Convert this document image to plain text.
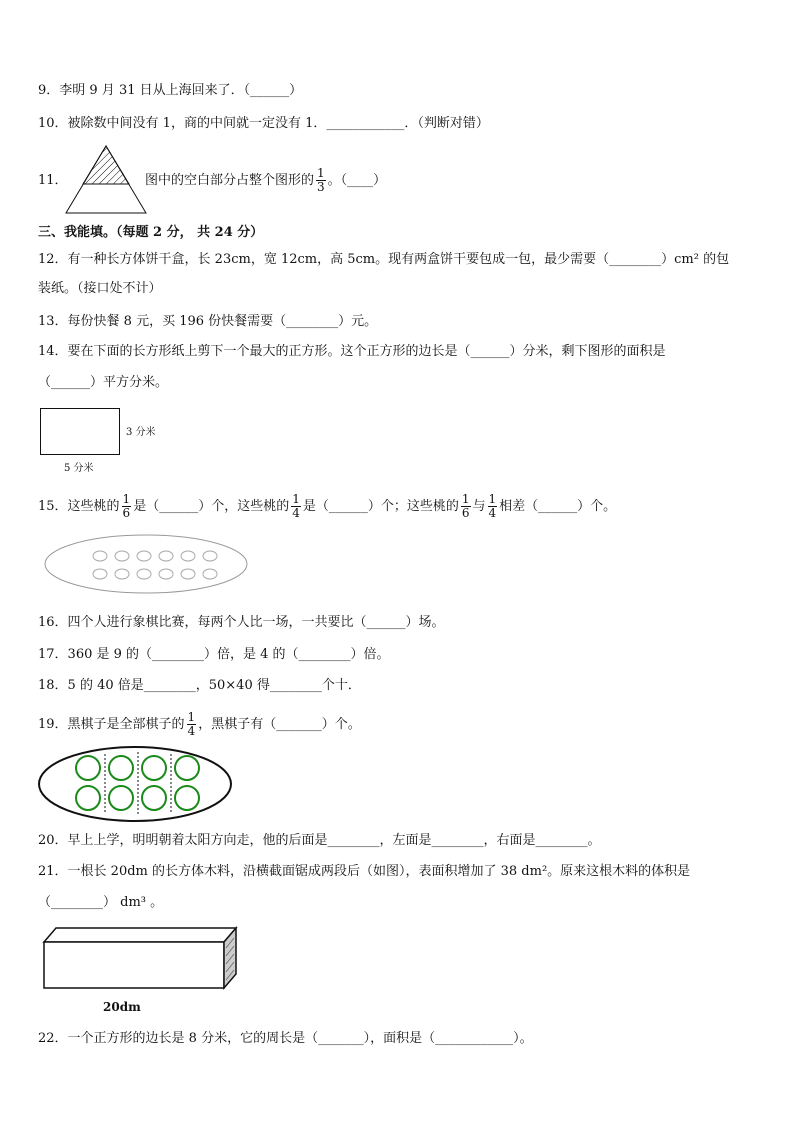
9．李明 9 月 31 日从上海回来了．（______）
10．被除数中间没有 1，商的中间就一定没有 1．____________．（判断对错）
11．	图中的空白部分占整个图形的 $\frac{1}{3}$ 。（____）
三、我能填。（每题 2 分， 共 24 分）
12．有一种长方体饼干盒，长 23cm，宽 12cm，高 5cm。现有两盒饼干要包成一包，最少需要（________）cm² 的包
装纸。（接口处不计）
13．每份快餐 8 元，买 196 份快餐需要（________）元。
14．要在下面的长方形纸上剪下一个最大的正方形。这个正方形的边长是（______）分米，剩下图形的面积是
（______）平方分米。
3 分米
5 分米
15．这些桃的 $\frac{1}{6}$ 是（______）个，这些桃的 $\frac{1}{4}$ 是（______）个；这些桃的 $\frac{1}{6}$ 与 $\frac{1}{4}$ 相差（______）个。
16．四个人进行象棋比赛，每两个人比一场，一共要比（______）场。
17．360 是 9 的（________）倍，是 4 的（________）倍。
18．5 的 40 倍是________，50×40 得________个十．
19．黑棋子是全部棋子的 $\frac{1}{4}$ ，黑棋子有（_______）个。
20．早上上学，明明朝着太阳方向走，他的后面是________，左面是________，右面是________。
21．一根长 20dm 的长方体木料，沿横截面锯成两段后（如图），表面积增加了 38 dm²。原来这根木料的体积是
（________） dm³ 。
20dm
22．一个正方形的边长是 8 分米，它的周长是（_______），面积是（____________）。
